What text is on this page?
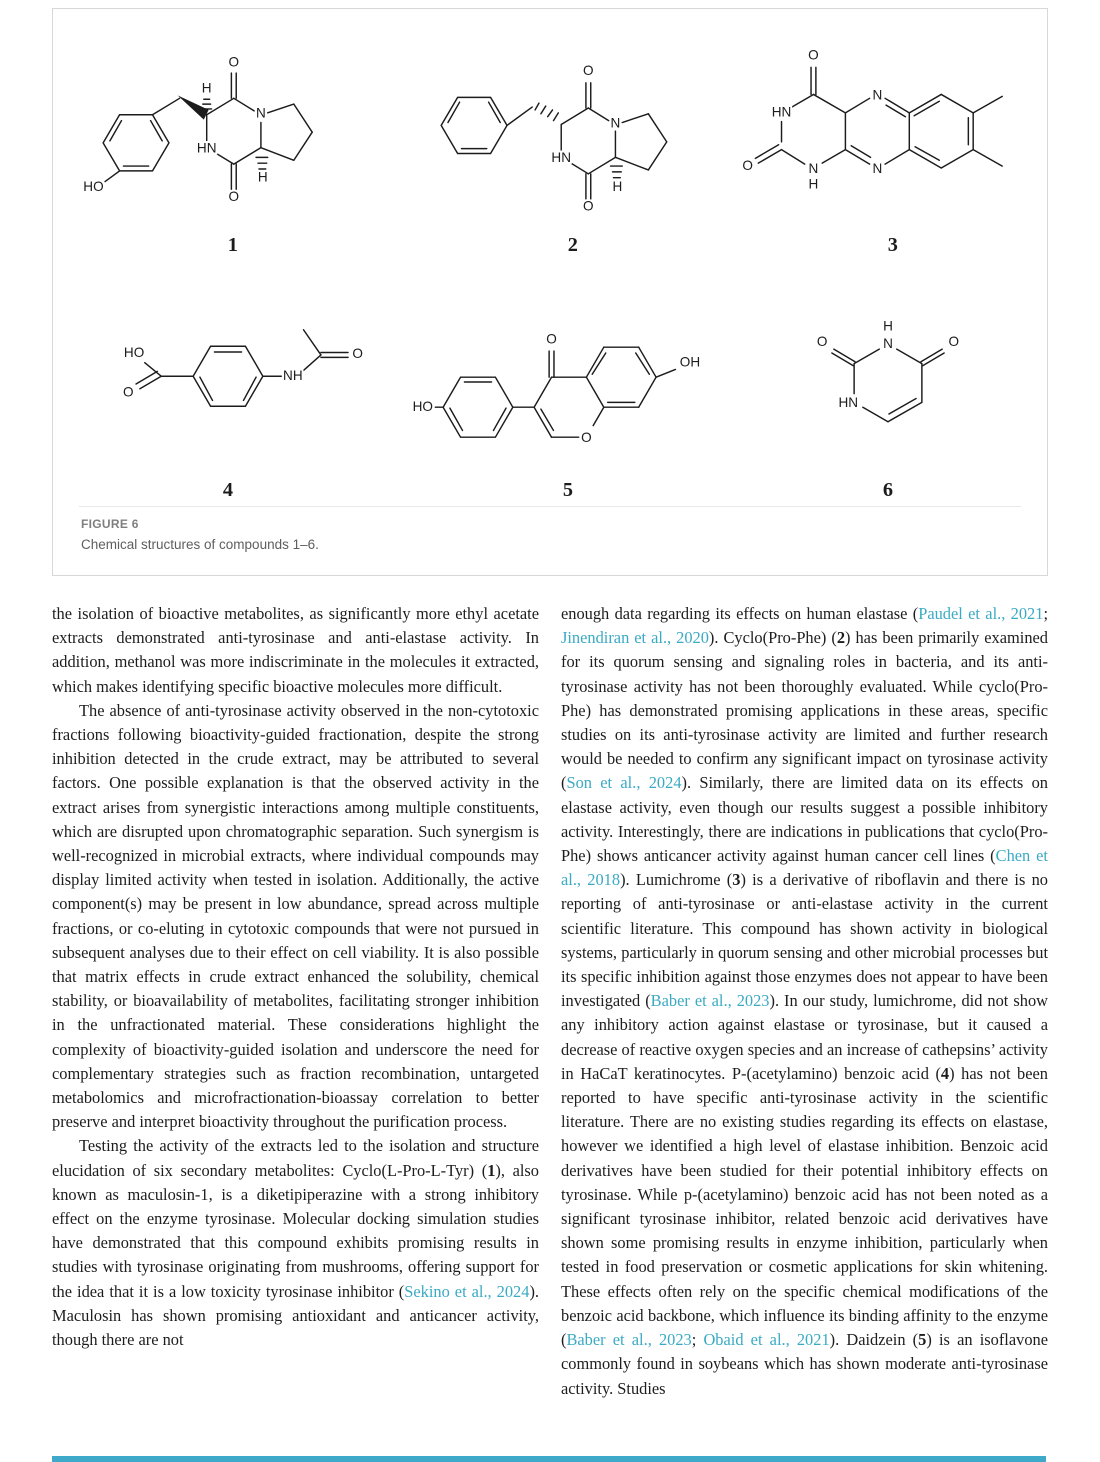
HO
H
O
N
HN
O
H
1
O
N
HN
O
H
2
O
HN
O	N
H
N
N
3
HO
O
NH
O
4
HO
O
O
OH
5
H
N
O	O
HN
6
FIGURE 6
Chemical structures of compounds 1–6.

the isolation of bioactive metabolites, as significantly more ethyl acetate extracts demonstrated anti-tyrosinase and anti-elastase activity. In addition, methanol was more indiscriminate in the molecules it extracted, which makes identifying specific bioactive molecules more difficult.

The absence of anti-tyrosinase activity observed in the non-cytotoxic fractions following bioactivity-guided fractionation, despite the strong inhibition detected in the crude extract, may be attributed to several factors. One possible explanation is that the observed activity in the extract arises from synergistic interactions among multiple constituents, which are disrupted upon chromatographic separation. Such synergism is well-recognized in microbial extracts, where individual compounds may display limited activity when tested in isolation. Additionally, the active component(s) may be present in low abundance, spread across multiple fractions, or co-eluting in cytotoxic compounds that were not pursued in subsequent analyses due to their effect on cell viability. It is also possible that matrix effects in crude extract enhanced the solubility, chemical stability, or bioavailability of metabolites, facilitating stronger inhibition in the unfractionated material. These considerations highlight the complexity of bioactivity-guided isolation and underscore the need for complementary strategies such as fraction recombination, untargeted metabolomics and microfractionation-bioassay correlation to better preserve and interpret bioactivity throughout the purification process.

Testing the activity of the extracts led to the isolation and structure elucidation of six secondary metabolites: Cyclo(L-Pro-L-Tyr) (1), also known as maculosin-1, is a diketipiperazine with a strong inhibitory effect on the enzyme tyrosinase. Molecular docking simulation studies have demonstrated that this compound exhibits promising results in studies with tyrosinase originating from mushrooms, offering support for the idea that it is a low toxicity tyrosinase inhibitor (Sekino et al., 2024). Maculosin has shown promising antioxidant and anticancer activity, though there are not

enough data regarding its effects on human elastase (Paudel et al., 2021; Jinendiran et al., 2020). Cyclo(Pro-Phe) (2) has been primarily examined for its quorum sensing and signaling roles in bacteria, and its anti-tyrosinase activity has not been thoroughly evaluated. While cyclo(Pro-Phe) has demonstrated promising applications in these areas, specific studies on its anti-tyrosinase activity are limited and further research would be needed to confirm any significant impact on tyrosinase activity (Son et al., 2024). Similarly, there are limited data on its effects on elastase activity, even though our results suggest a possible inhibitory activity. Interestingly, there are indications in publications that cyclo(Pro-Phe) shows anticancer activity against human cancer cell lines (Chen et al., 2018). Lumichrome (3) is a derivative of riboflavin and there is no reporting of anti-tyrosinase or anti-elastase activity in the current scientific literature. This compound has shown activity in biological systems, particularly in quorum sensing and other microbial processes but its specific inhibition against those enzymes does not appear to have been investigated (Baber et al., 2023). In our study, lumichrome, did not show any inhibitory action against elastase or tyrosinase, but it caused a decrease of reactive oxygen species and an increase of cathepsins’ activity in HaCaT keratinocytes. P-(acetylamino) benzoic acid (4) has not been reported to have specific anti-tyrosinase activity in the scientific literature. There are no existing studies regarding its effects on elastase, however we identified a high level of elastase inhibition. Benzoic acid derivatives have been studied for their potential inhibitory effects on tyrosinase. While p-(acetylamino) benzoic acid has not been noted as a significant tyrosinase inhibitor, related benzoic acid derivatives have shown some promising results in enzyme inhibition, particularly when tested in food preservation or cosmetic applications for skin whitening. These effects often rely on the specific chemical modifications of the benzoic acid backbone, which influence its binding affinity to the enzyme (Baber et al., 2023; Obaid et al., 2021). Daidzein (5) is an isoflavone commonly found in soybeans which has shown moderate anti-tyrosinase activity. Studies
